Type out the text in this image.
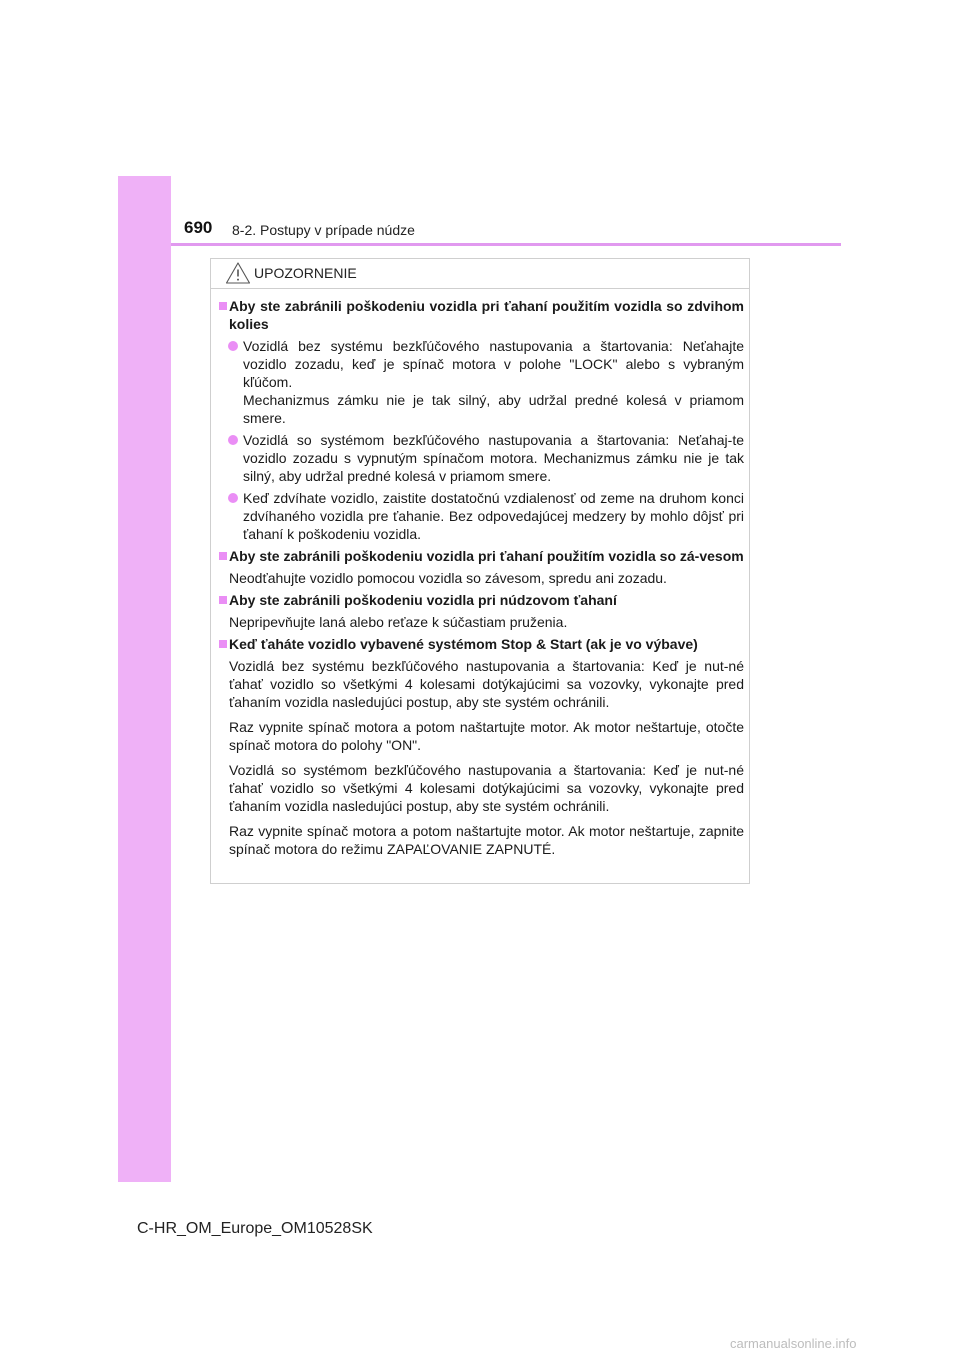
690 8-2. Postupy v prípade núdze
UPOZORNENIE
Aby ste zabránili poškodeniu vozidla pri ťahaní použitím vozidla so zdvihom kolies
Vozidlá bez systému bezkľúčového nastupovania a štartovania: Neťahajte vozidlo zozadu, keď je spínač motora v polohe "LOCK" alebo s vybraným kľúčom.
Mechanizmus zámku nie je tak silný, aby udržal predné kolesá v priamom smere.
Vozidlá so systémom bezkľúčového nastupovania a štartovania: Neťahaj-te vozidlo zozadu s vypnutým spínačom motora. Mechanizmus zámku nie je tak silný, aby udržal predné kolesá v priamom smere.
Keď zdvíhate vozidlo, zaistite dostatočnú vzdialenosť od zeme na druhom konci zdvíhaného vozidla pre ťahanie. Bez odpovedajúcej medzery by mohlo dôjsť pri ťahaní k poškodeniu vozidla.
Aby ste zabránili poškodeniu vozidla pri ťahaní použitím vozidla so zá-vesom
Neodťahujte vozidlo pomocou vozidla so závesom, spredu ani zozadu.
Aby ste zabránili poškodeniu vozidla pri núdzovom ťahaní
Nepripevňujte laná alebo reťaze k súčastiam pruženia.
Keď ťaháte vozidlo vybavené systémom Stop & Start (ak je vo výbave)
Vozidlá bez systému bezkľúčového nastupovania a štartovania: Keď je nut-né ťahať vozidlo so všetkými 4 kolesami dotýkajúcimi sa vozovky, vykonajte pred ťahaním vozidla nasledujúci postup, aby ste systém ochránili.
Raz vypnite spínač motora a potom naštartujte motor. Ak motor neštartuje, otočte spínač motora do polohy "ON".
Vozidlá so systémom bezkľúčového nastupovania a štartovania: Keď je nut-né ťahať vozidlo so všetkými 4 kolesami dotýkajúcimi sa vozovky, vykonajte pred ťahaním vozidla nasledujúci postup, aby ste systém ochránili.
Raz vypnite spínač motora a potom naštartujte motor. Ak motor neštartuje, zapnite spínač motora do režimu ZAPAĽOVANIE ZAPNUTÉ.
C-HR_OM_Europe_OM10528SK
carmanualsonline.info
